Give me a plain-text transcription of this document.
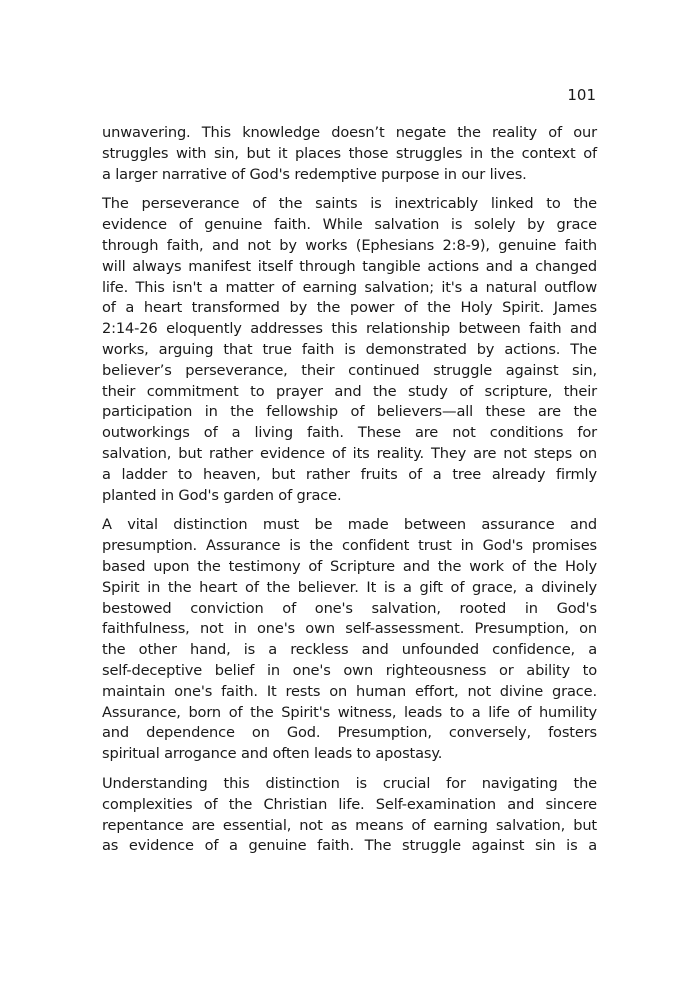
101

unwavering. This knowledge doesn’t negate the reality of our
struggles with sin, but it places those struggles in the context of
a larger narrative of God's redemptive purpose in our lives.

The perseverance of the saints is inextricably linked to the
evidence of genuine faith. While salvation is solely by grace
through faith, and not by works (Ephesians 2:8-9), genuine faith
will always manifest itself through tangible actions and a changed
life. This isn't a matter of earning salvation; it's a natural outflow
of a heart transformed by the power of the Holy Spirit. James
2:14-26 eloquently addresses this relationship between faith and
works, arguing that true faith is demonstrated by actions. The
believer’s perseverance, their continued struggle against sin,
their commitment to prayer and the study of scripture, their
participation in the fellowship of believers—all these are the
outworkings of a living faith. These are not conditions for
salvation, but rather evidence of its reality. They are not steps on
a ladder to heaven, but rather fruits of a tree already firmly
planted in God's garden of grace.

A vital distinction must be made between assurance and
presumption. Assurance is the confident trust in God's promises
based upon the testimony of Scripture and the work of the Holy
Spirit in the heart of the believer. It is a gift of grace, a divinely
bestowed conviction of one's salvation, rooted in God's
faithfulness, not in one's own self-assessment. Presumption, on
the other hand, is a reckless and unfounded confidence, a
self-deceptive belief in one's own righteousness or ability to
maintain one's faith. It rests on human effort, not divine grace.
Assurance, born of the Spirit's witness, leads to a life of humility
and dependence on God. Presumption, conversely, fosters
spiritual arrogance and often leads to apostasy.

Understanding this distinction is crucial for navigating the
complexities of the Christian life. Self-examination and sincere
repentance are essential, not as means of earning salvation, but
as evidence of a genuine faith. The struggle against sin is a
